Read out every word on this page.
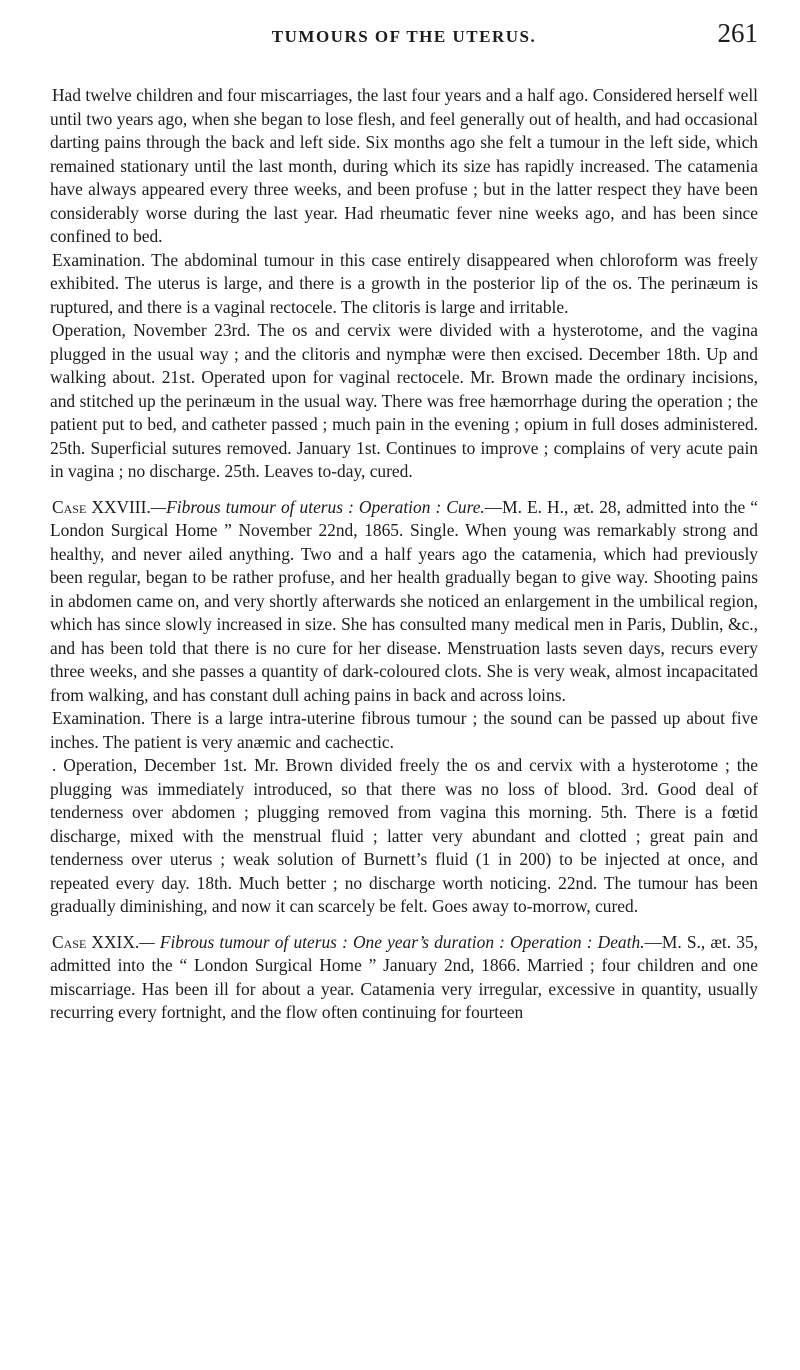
TUMOURS OF THE UTERUS.	261

Had twelve children and four miscarriages, the last four years and a half ago. Considered herself well until two years ago, when she began to lose flesh, and feel generally out of health, and had occasional darting pains through the back and left side. Six months ago she felt a tumour in the left side, which remained stationary until the last month, during which its size has rapidly increased. The catamenia have always appeared every three weeks, and been profuse ; but in the latter respect they have been considerably worse during the last year. Had rheumatic fever nine weeks ago, and has been since confined to bed.

Examination. The abdominal tumour in this case entirely disappeared when chloroform was freely exhibited. The uterus is large, and there is a growth in the posterior lip of the os. The perinæum is ruptured, and there is a vaginal rectocele. The clitoris is large and irritable.

Operation, November 23rd. The os and cervix were divided with a hysterotome, and the vagina plugged in the usual way ; and the clitoris and nymphæ were then excised. December 18th. Up and walking about. 21st. Operated upon for vaginal rectocele. Mr. Brown made the ordinary incisions, and stitched up the perinæum in the usual way. There was free hæmorrhage during the operation ; the patient put to bed, and catheter passed ; much pain in the evening ; opium in full doses administered. 25th. Superficial sutures removed. January 1st. Continues to improve ; complains of very acute pain in vagina ; no discharge. 25th. Leaves to-day, cured.

Case XXVIII.—Fibrous tumour of uterus : Operation : Cure.—M. E. H., æt. 28, admitted into the “ London Surgical Home ” November 22nd, 1865. Single. When young was remarkably strong and healthy, and never ailed anything. Two and a half years ago the catamenia, which had previously been regular, began to be rather profuse, and her health gradually began to give way. Shooting pains in abdomen came on, and very shortly afterwards she noticed an enlargement in the umbilical region, which has since slowly increased in size. She has consulted many medical men in Paris, Dublin, &c., and has been told that there is no cure for her disease. Menstruation lasts seven days, recurs every three weeks, and she passes a quantity of dark-coloured clots. She is very weak, almost incapacitated from walking, and has constant dull aching pains in back and across loins.

Examination. There is a large intra-uterine fibrous tumour ; the sound can be passed up about five inches. The patient is very anæmic and cachectic.

. Operation, December 1st. Mr. Brown divided freely the os and cervix with a hysterotome ; the plugging was immediately introduced, so that there was no loss of blood. 3rd. Good deal of tenderness over abdomen ; plugging removed from vagina this morning. 5th. There is a fœtid discharge, mixed with the menstrual fluid ; latter very abundant and clotted ; great pain and tenderness over uterus ; weak solution of Burnett’s fluid (1 in 200) to be injected at once, and repeated every day. 18th. Much better ; no discharge worth noticing. 22nd. The tumour has been gradually diminishing, and now it can scarcely be felt. Goes away to-morrow, cured.

Case XXIX.— Fibrous tumour of uterus : One year’s duration : Operation : Death.—M. S., æt. 35, admitted into the “ London Surgical Home ” January 2nd, 1866. Married ; four children and one miscarriage. Has been ill for about a year. Catamenia very irregular, excessive in quantity, usually recurring every fortnight, and the flow often continuing for fourteen
